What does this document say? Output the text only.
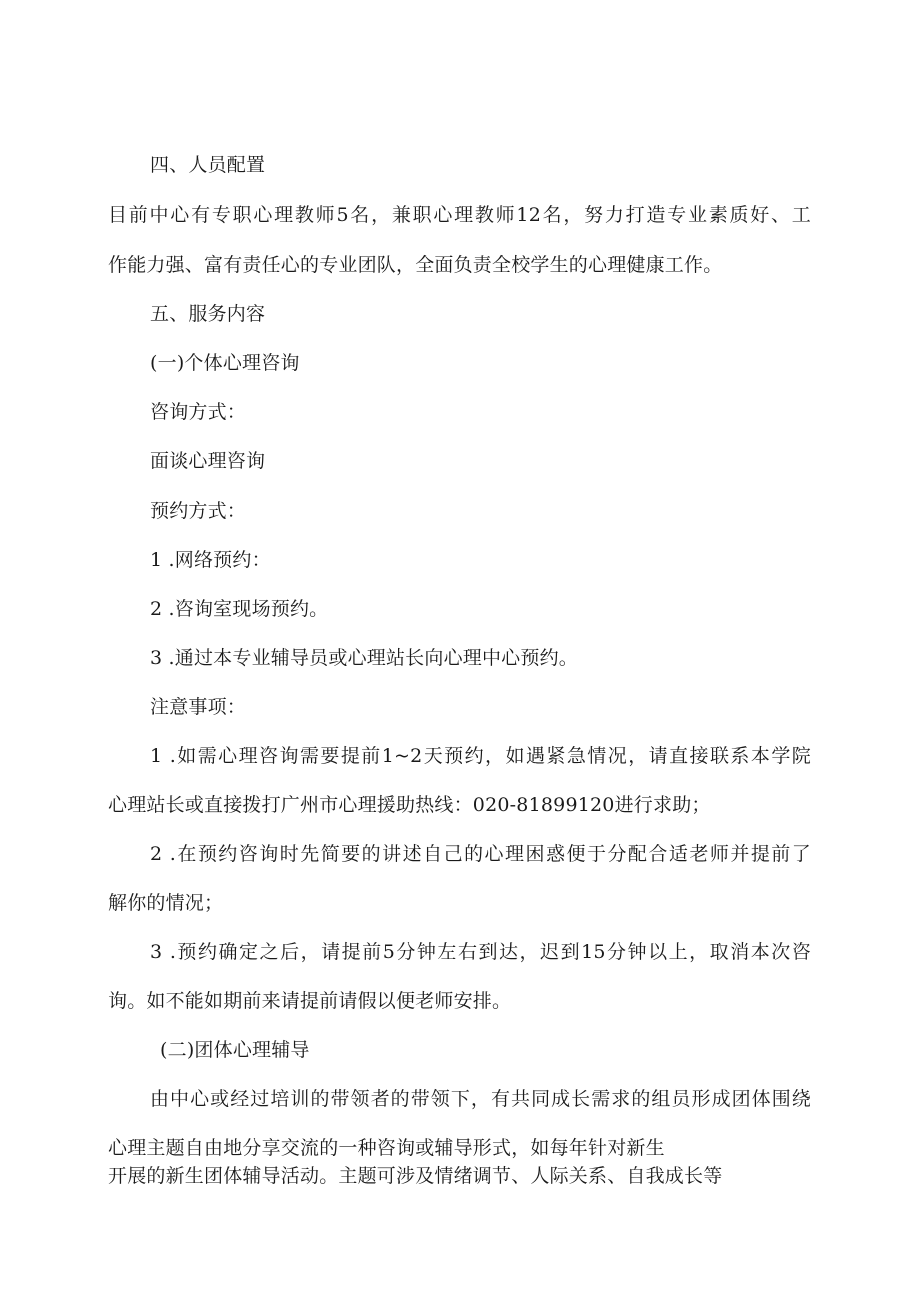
四、人员配置

目前中心有专职心理教师5名，兼职心理教师12名，努力打造专业素质好、工

作能力强、富有责任心的专业团队，全面负责全校学生的心理健康工作。

五、服务内容

(一)个体心理咨询

咨询方式：

面谈心理咨询

预约方式：

1 .网络预约：

2 .咨询室现场预约。

3 .通过本专业辅导员或心理站长向心理中心预约。

注意事项：

1 .如需心理咨询需要提前1~2天预约，如遇紧急情况，请直接联系本学院

心理站长或直接拨打广州市心理援助热线：020-81899120进行求助；

2 .在预约咨询时先简要的讲述自己的心理困惑便于分配合适老师并提前了

解你的情况；

3 .预约确定之后，请提前5分钟左右到达，迟到15分钟以上，取消本次咨

询。如不能如期前来请提前请假以便老师安排。

(二)团体心理辅导

由中心或经过培训的带领者的带领下，有共同成长需求的组员形成团体围绕

心理主题自由地分享交流的一种咨询或辅导形式，如每年针对新生

开展的新生团体辅导活动。主题可涉及情绪调节、人际关系、自我成长等
